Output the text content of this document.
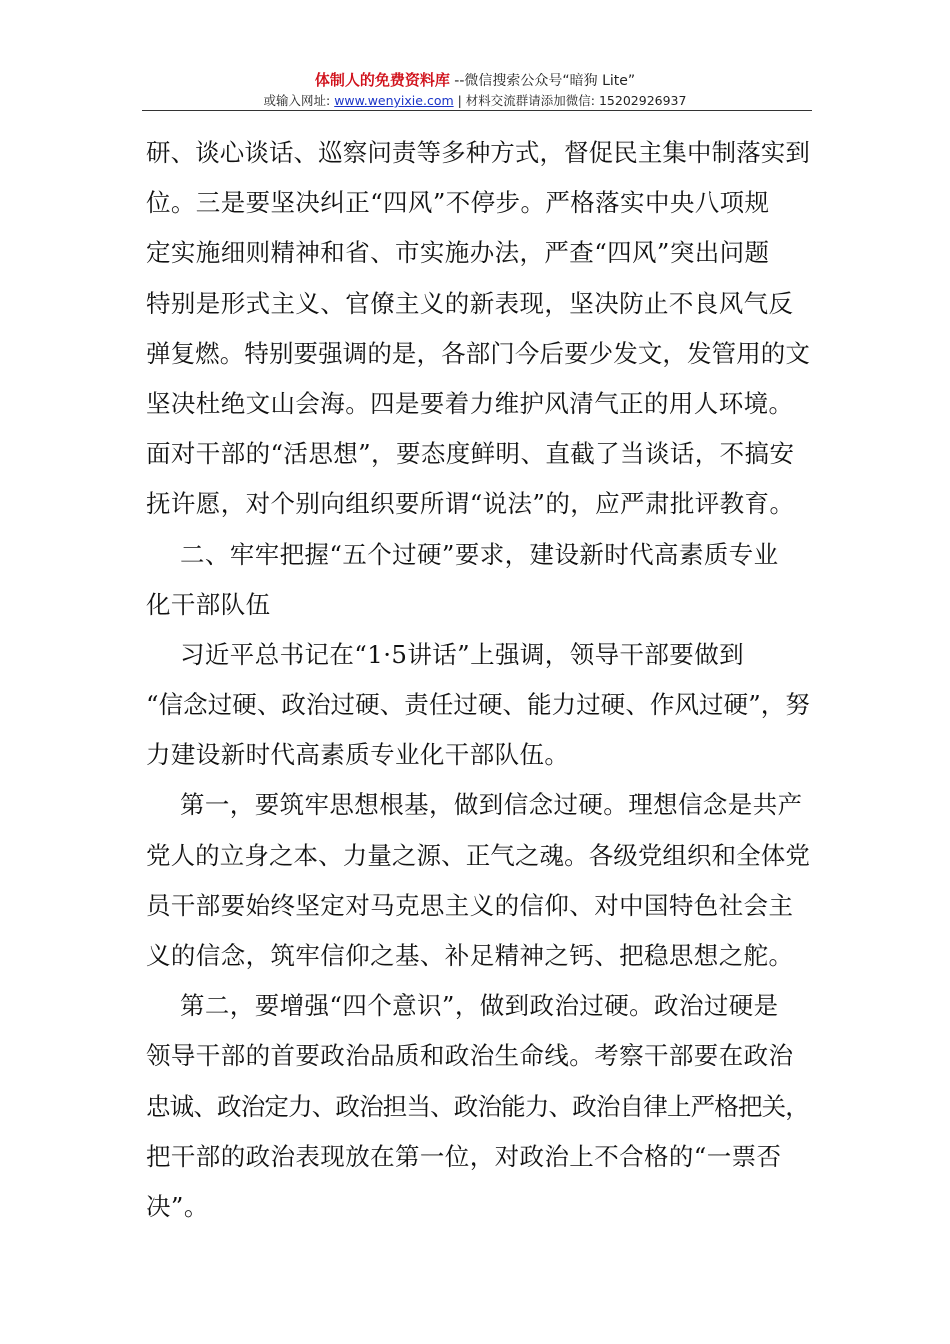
体制人的免费资料库 --微信搜索公众号“暗狗 Lite”
或输入网址: www.wenyixie.com | 材料交流群请添加微信: 15202926937
研、谈心谈话、巡察问责等多种方式，督促民主集中制落实到
位。三是要坚决纠正“四风”不停步。严格落实中央八项规
定实施细则精神和省、市实施办法，严查“四风”突出问题
特别是形式主义、官僚主义的新表现，坚决防止不良风气反
弹复燃。特别要强调的是，各部门今后要少发文，发管用的文
坚决杜绝文山会海。四是要着力维护风清气正的用人环境。
面对干部的“活思想”，要态度鲜明、直截了当谈话，不搞安
抚许愿，对个别向组织要所谓“说法”的，应严肃批评教育。
二、牢牢把握“五个过硬”要求，建设新时代高素质专业
化干部队伍
习近平总书记在“1·5讲话”上强调，领导干部要做到
“信念过硬、政治过硬、责任过硬、能力过硬、作风过硬”，努
力建设新时代高素质专业化干部队伍。
第一，要筑牢思想根基，做到信念过硬。理想信念是共产
党人的立身之本、力量之源、正气之魂。各级党组织和全体党
员干部要始终坚定对马克思主义的信仰、对中国特色社会主
义的信念，筑牢信仰之基、补足精神之钙、把稳思想之舵。
第二，要增强“四个意识”，做到政治过硬。政治过硬是
领导干部的首要政治品质和政治生命线。考察干部要在政治
忠诚、政治定力、政治担当、政治能力、政治自律上严格把关，
把干部的政治表现放在第一位，对政治上不合格的“一票否
决”。
